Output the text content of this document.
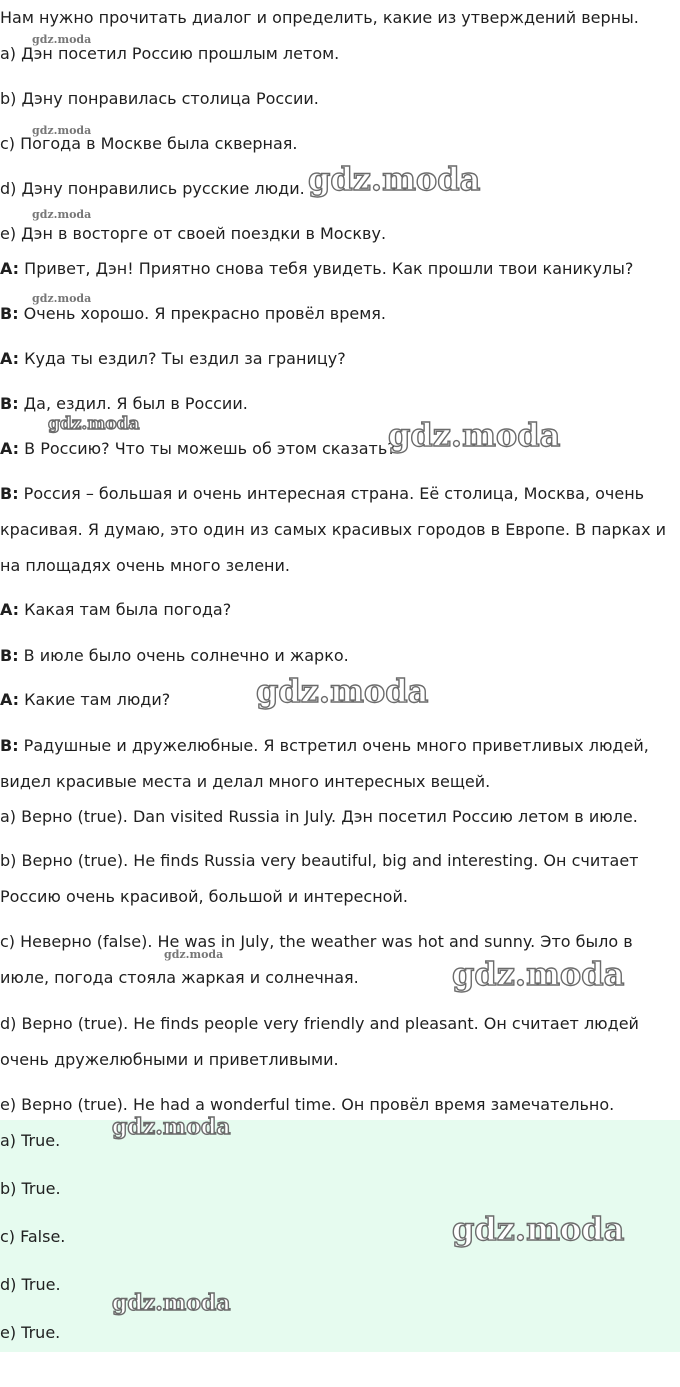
Нам нужно прочитать диалог и определить, какие из утверждений верны.

a) Дэн посетил Россию прошлым летом.

b) Дэну понравилась столица России.

c) Погода в Москве была скверная.

d) Дэну понравились русские люди.

e) Дэн в восторге от своей поездки в Москву.

A: Привет, Дэн! Приятно снова тебя увидеть. Как прошли твои каникулы?

B: Очень хорошо. Я прекрасно провёл время.

A: Куда ты ездил? Ты ездил за границу?

B: Да, ездил. Я был в России.

A: В Россию? Что ты можешь об этом сказать?

B: Россия – большая и очень интересная страна. Её столица, Москва, очень

красивая. Я думаю, это один из самых красивых городов в Европе. В парках и

на площадях очень много зелени.

A: Какая там была погода?

B: В июле было очень солнечно и жарко.

A: Какие там люди?

B: Радушные и дружелюбные. Я встретил очень много приветливых людей,

видел красивые места и делал много интересных вещей.

a) Верно (true). Dan visited Russia in July. Дэн посетил Россию летом в июле.

b) Верно (true). He finds Russia very beautiful, big and interesting. Он считает

Россию очень красивой, большой и интересной.

c) Неверно (false). He was in July, the weather was hot and sunny. Это было в

июле, погода стояла жаркая и солнечная.

d) Верно (true). He finds people very friendly and pleasant. Он считает людей

очень дружелюбными и приветливыми.

e) Верно (true). He had a wonderful time. Он провёл время замечательно.

a) True.

b) True.

c) False.

d) True.

e) True.

gdz.moda
gdz.moda
gdz.moda
gdz.moda
gdz.moda
gdz.moda	gdz.moda
gdz.moda
gdz.moda
gdz.moda
gdz.moda
gdz.moda
gdz.moda
